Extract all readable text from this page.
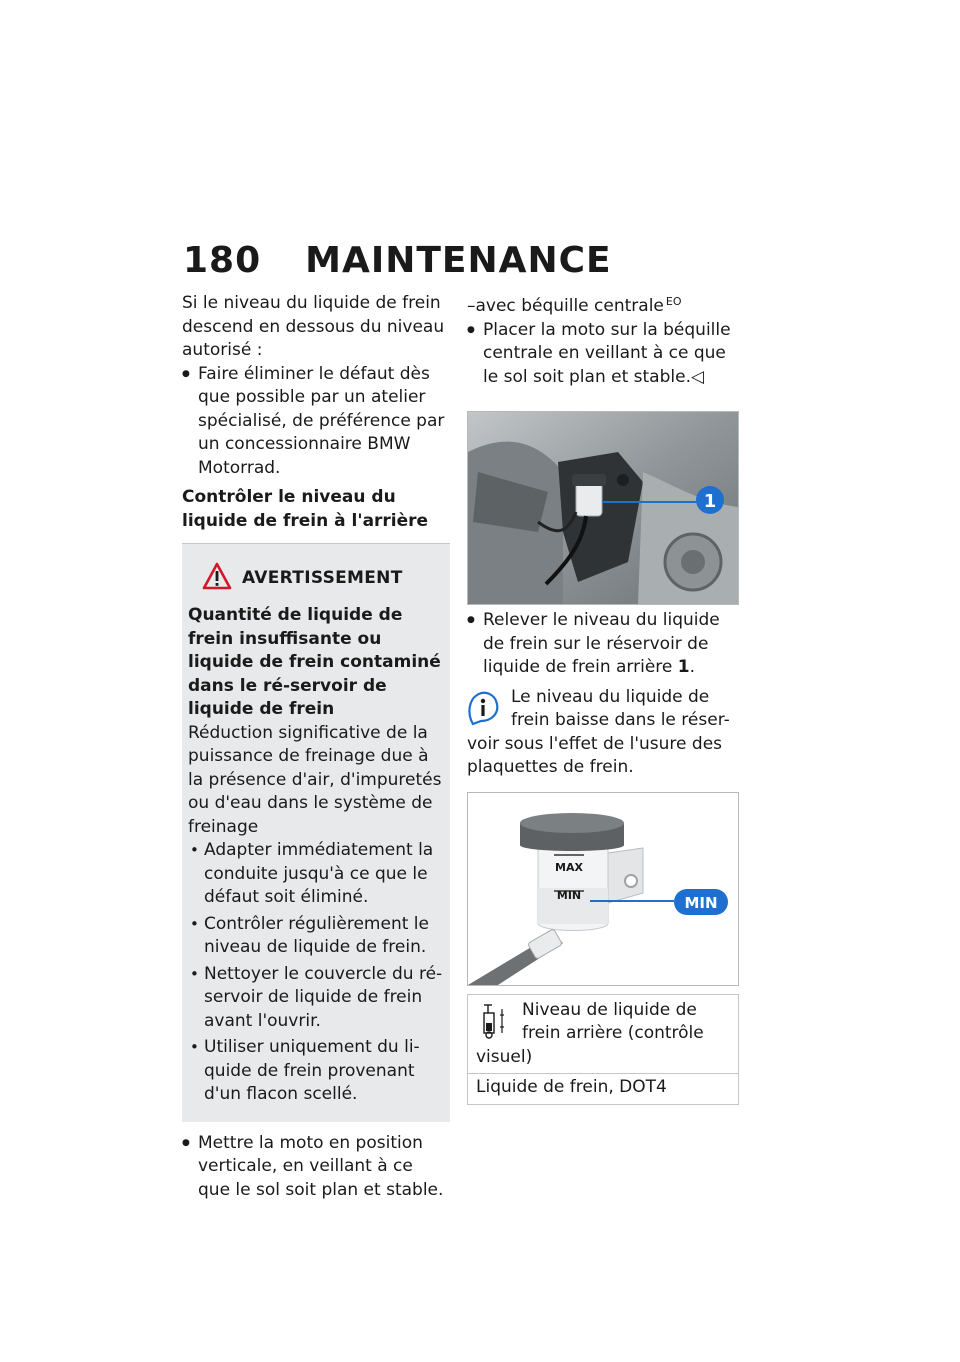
180 MAINTENANCE

Si le niveau du liquide de frein descend en dessous du niveau autorisé :

● Faire éliminer le défaut dès que possible par un atelier spécialisé, de préférence par un concessionnaire BMW Motorrad.
Contrôler le niveau du liquide de frein à l'arrière
AVERTISSEMENT
Quantité de liquide de frein insuffisante ou liquide de frein contaminé dans le ré-servoir de liquide de frein

Réduction significative de la puissance de freinage due à la présence d'air, d'impuretés ou d'eau dans le système de freinage

• Adapter immédiatement la conduite jusqu'à ce que le défaut soit éliminé.
• Contrôler régulièrement le niveau de liquide de frein.
• Nettoyer le couvercle du ré-servoir de liquide de frein avant l'ouvrir.
• Utiliser uniquement du li-quide de frein provenant d'un flacon scellé.
● Mettre la moto en position verticale, en veillant à ce que le sol soit plan et stable.

–avec béquille centrale $^{EO}$

● Placer la moto sur la béquille centrale en veillant à ce que le sol soit plan et stable.◁
1
● Relever le niveau du liquide de frein sur le réservoir de liquide de frein arrière 1.

Le niveau du liquide de

frein baisse dans le réser-

voir sous l'effet de l'usure des plaquettes de frein.

MAX
MIN	MIN
Niveau de liquide de
frein arrière (contrôle
visuel)
Liquide de frein, DOT4
